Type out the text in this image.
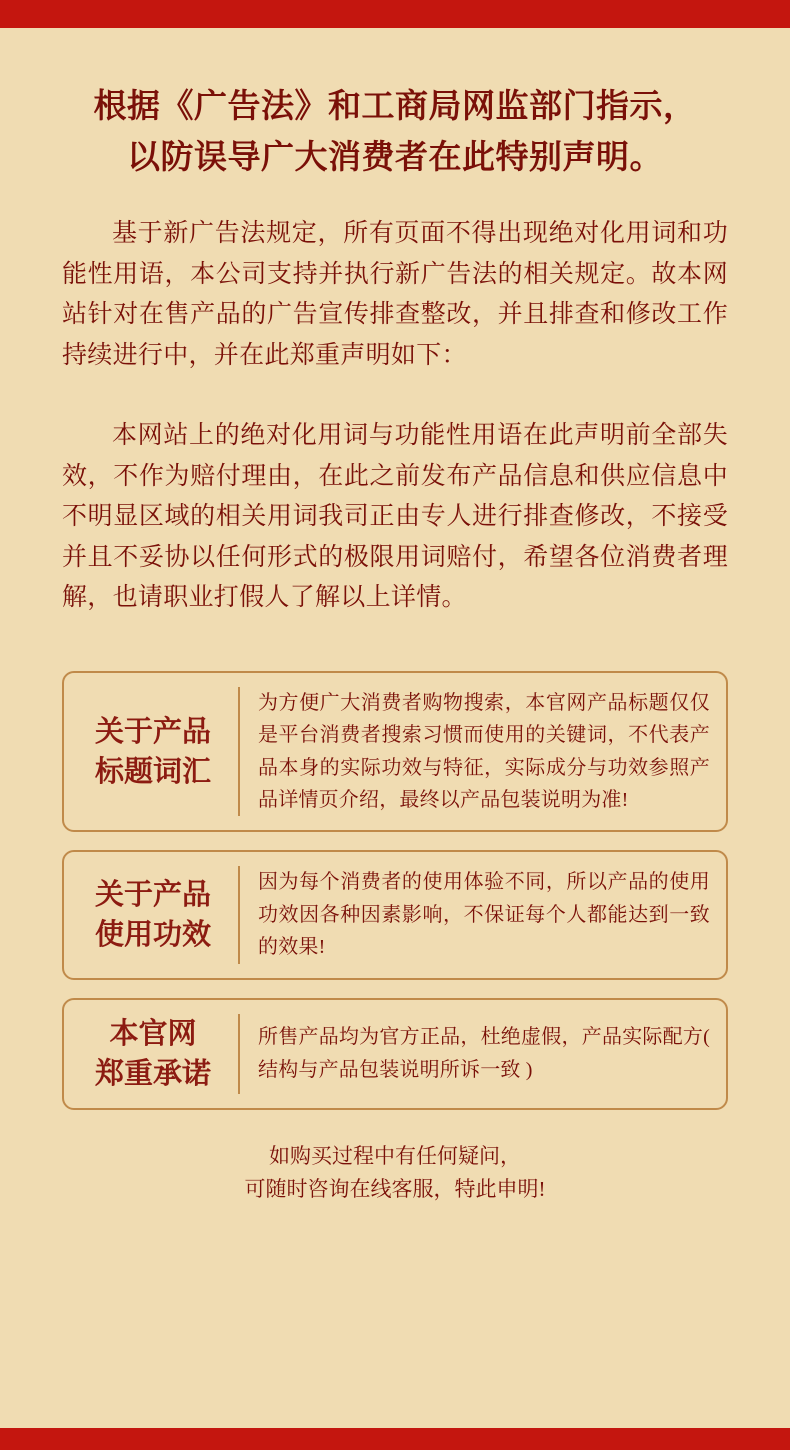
根据《广告法》和工商局网监部门指示，
以防误导广大消费者在此特别声明。

基于新广告法规定，所有页面不得出现绝对化用词和功能性用语，本公司支持并执行新广告法的相关规定。故本网站针对在售产品的广告宣传排查整改，并且排查和修改工作持续进行中，并在此郑重声明如下：

本网站上的绝对化用词与功能性用语在此声明前全部失效，不作为赔付理由，在此之前发布产品信息和供应信息中不明显区域的相关用词我司正由专人进行排查修改，不接受并且不妥协以任何形式的极限用词赔付，希望各位消费者理解，也请职业打假人了解以上详情。

关于产品
标题词汇
为方便广大消费者购物搜索，本官网产品标题仅仅是平台消费者搜索习惯而使用的关键词，不代表产品本身的实际功效与特征，实际成分与功效参照产品详情页介绍，最终以产品包装说明为准!
关于产品
使用功效
因为每个消费者的使用体验不同，所以产品的使用功效因各种因素影响，不保证每个人都能达到一致的效果!
本官网
郑重承诺
所售产品均为官方正品，杜绝虚假，产品实际配方( 结构与产品包装说明所诉一致 )
如购买过程中有任何疑问，
可随时咨询在线客服，特此申明!
